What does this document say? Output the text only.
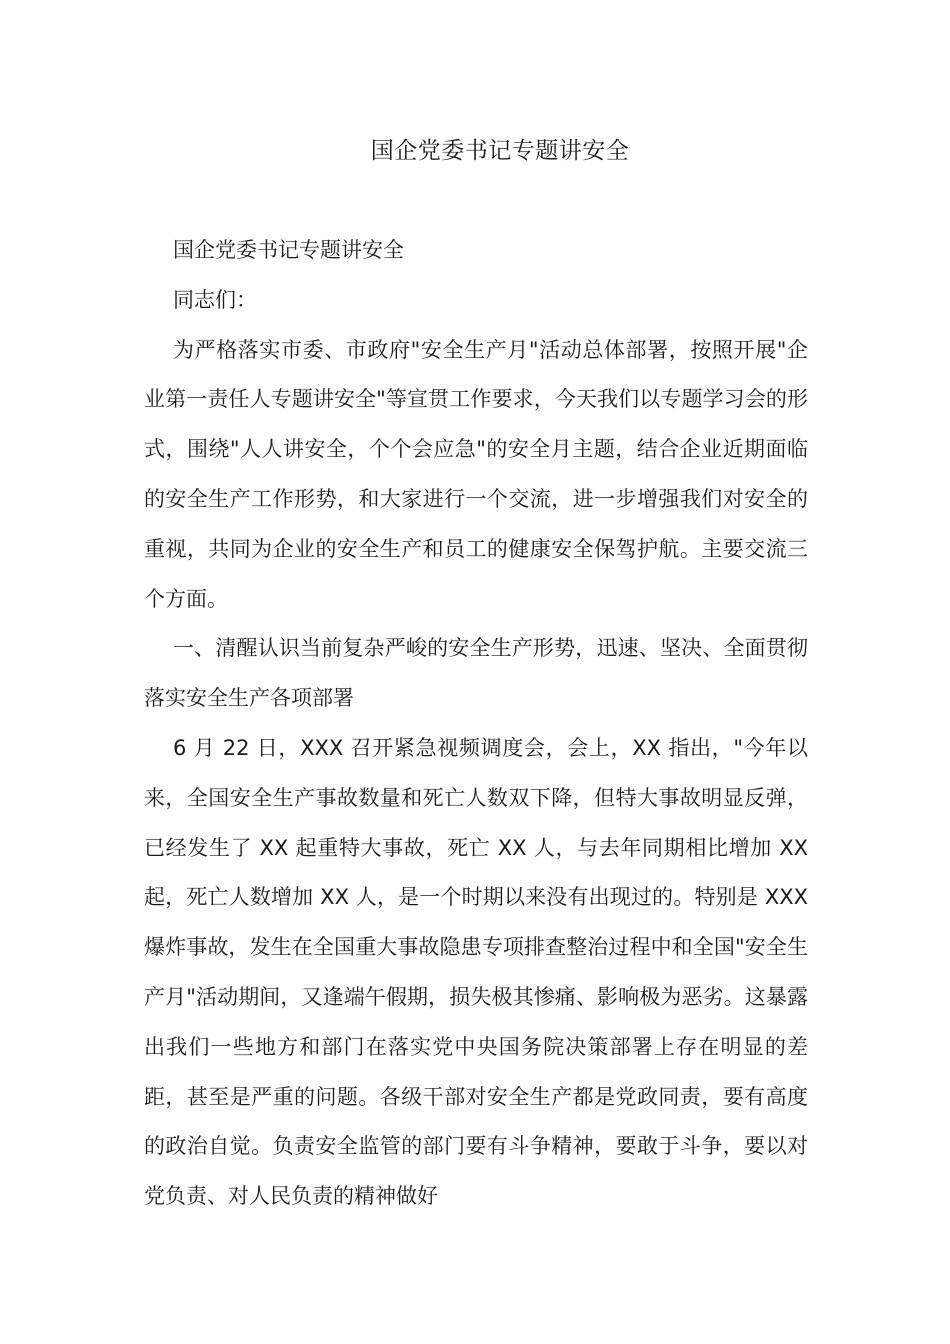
国企党委书记专题讲安全

国企党委书记专题讲安全

同志们：

为严格落实市委、市政府"安全生产月"活动总体部署，按照开展"企业第一责任人专题讲安全"等宣贯工作要求，今天我们以专题学习会的形式，围绕"人人讲安全，个个会应急"的安全月主题，结合企业近期面临的安全生产工作形势，和大家进行一个交流，进一步增强我们对安全的重视，共同为企业的安全生产和员工的健康安全保驾护航。主要交流三个方面。

一、清醒认识当前复杂严峻的安全生产形势，迅速、坚决、全面贯彻落实安全生产各项部署

6 月 22 日，XXX 召开紧急视频调度会，会上，XX 指出，"今年以来，全国安全生产事故数量和死亡人数双下降，但特大事故明显反弹，已经发生了 XX 起重特大事故，死亡 XX 人，与去年同期相比增加 XX 起，死亡人数增加 XX 人，是一个时期以来没有出现过的。特别是 XXX 爆炸事故，发生在全国重大事故隐患专项排查整治过程中和全国"安全生产月"活动期间，又逢端午假期，损失极其惨痛、影响极为恶劣。这暴露出我们一些地方和部门在落实党中央国务院决策部署上存在明显的差距，甚至是严重的问题。各级干部对安全生产都是党政同责，要有高度的政治自觉。负责安全监管的部门要有斗争精神，要敢于斗争，要以对党负责、对人民负责的精神做好
